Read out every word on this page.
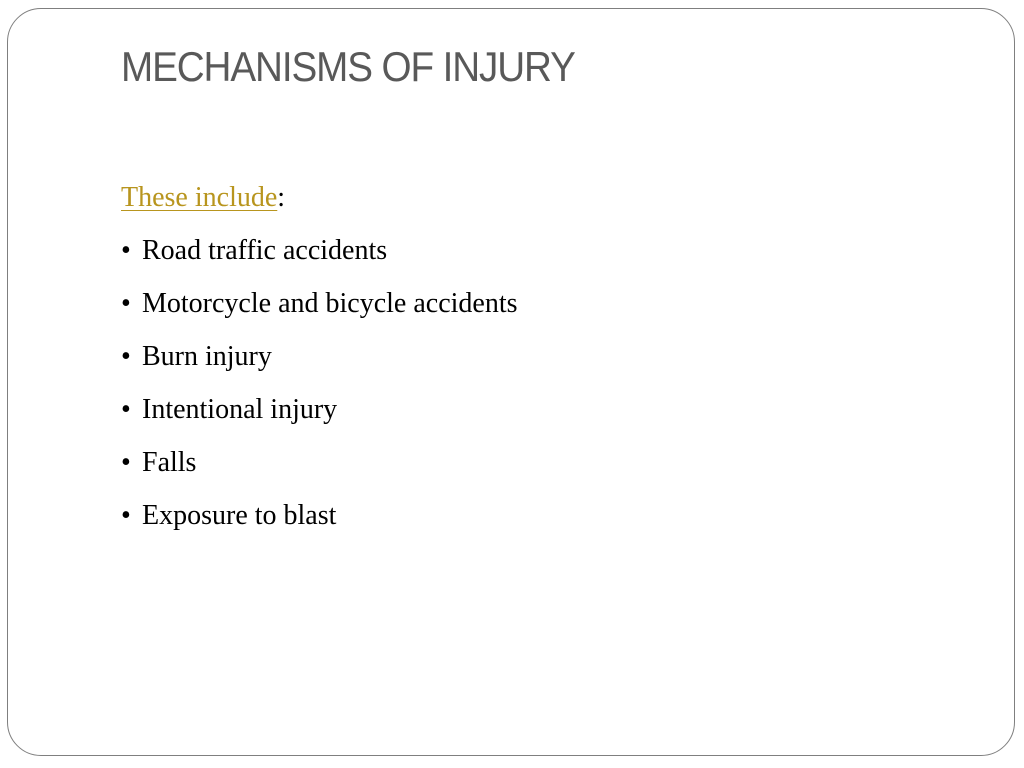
MECHANISMS OF INJURY
These include:
• Road traffic accidents
• Motorcycle and bicycle accidents
• Burn injury
• Intentional injury
• Falls
• Exposure to blast
